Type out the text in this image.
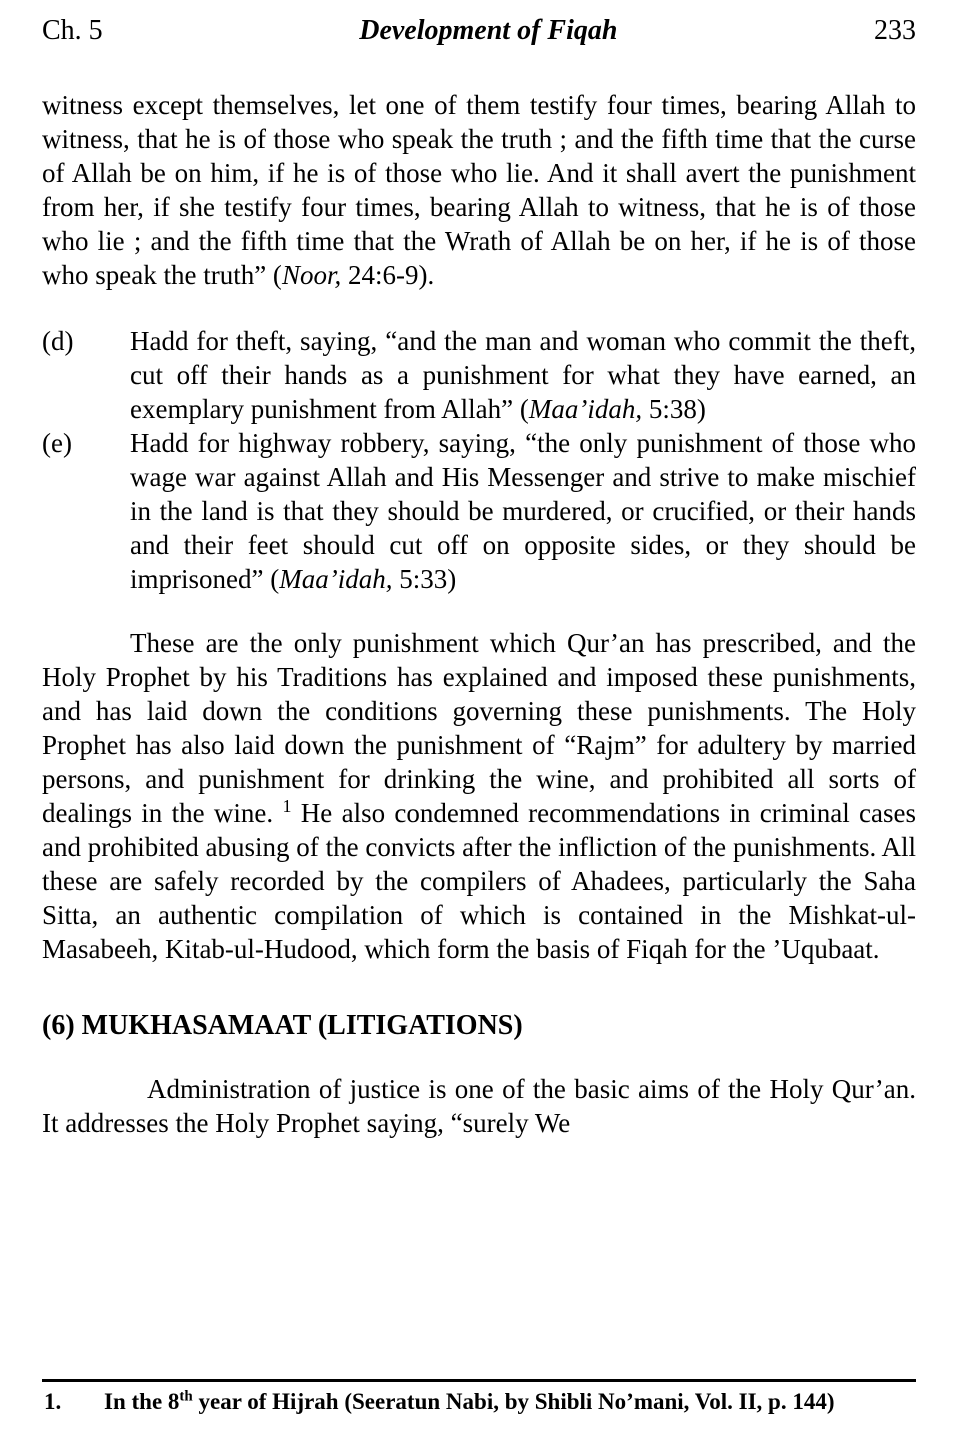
Ch. 5	Development of Fiqah	233

witness except themselves, let one of them testify four times, bearing Allah to witness, that he is of those who speak the truth ; and the fifth time that the curse of Allah be on him, if he is of those who lie. And it shall avert the punishment from her, if she testify four times, bearing Allah to witness, that he is of those who lie ; and the fifth time that the Wrath of Allah be on her, if he is of those who speak the truth” (Noor, 24:6-9).

(d) Hadd for theft, saying, “and the man and woman who commit the theft, cut off their hands as a punishment for what they have earned, an exemplary punishment from Allah” (Maa’idah, 5:38)
(e) Hadd for highway robbery, saying, “the only punishment of those who wage war against Allah and His Messenger and strive to make mischief in the land is that they should be murdered, or crucified, or their hands and their feet should cut off on opposite sides, or they should be imprisoned” (Maa’idah, 5:33)

These are the only punishment which Qur’an has prescribed, and the Holy Prophet by his Traditions has explained and imposed these punishments, and has laid down the conditions governing these punishments. The Holy Prophet has also laid down the punishment of “Rajm” for adultery by married persons, and punishment for drinking the wine, and prohibited all sorts of dealings in the wine. $^1$ He also condemned recommendations in criminal cases and prohibited abusing of the convicts after the infliction of the punishments. All these are safely recorded by the compilers of Ahadees, particularly the Saha Sitta, an authentic compilation of which is contained in the Mishkat-ul-Masabeeh, Kitab-ul-Hudood, which form the basis of Fiqah for the ’Uqubaat.

(6) MUKHASAMAAT (LITIGATIONS)

Administration of justice is one of the basic aims of the Holy Qur’an. It addresses the Holy Prophet saying, “surely We

1. In the 8th year of Hijrah (Seeratun Nabi, by Shibli No’mani, Vol. II, p. 144)
